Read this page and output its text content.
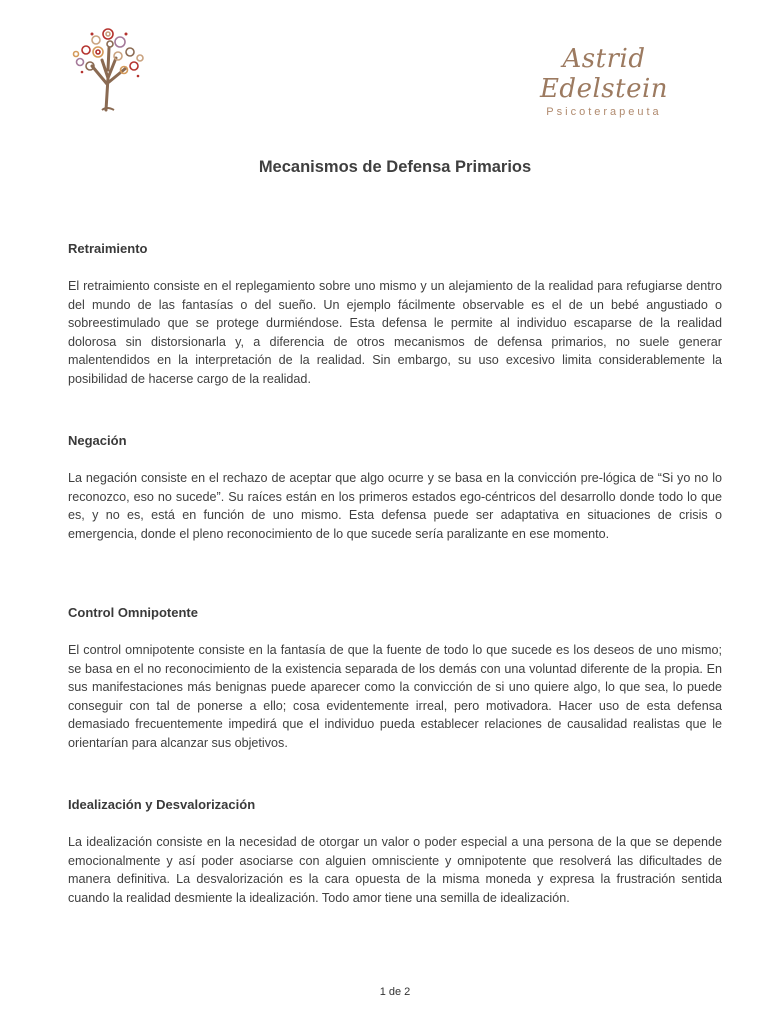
Astrid Edelstein
Psicoterapeuta
Mecanismos de Defensa Primarios
Retraimiento

El retraimiento consiste en el replegamiento sobre uno mismo y un alejamiento de la realidad para refugiarse dentro del mundo de las fantasías o del sueño. Un ejemplo fácilmente observable es el de un bebé angustiado o sobreestimulado que se protege durmiéndose. Esta defensa le permite al individuo escaparse de la realidad dolorosa sin distorsionarla y, a diferencia de otros mecanismos de defensa primarios, no suele generar malentendidos en la interpretación de la realidad. Sin embargo, su uso excesivo limita considerablemente la posibilidad de hacerse cargo de la realidad.

Negación

La negación consiste en el rechazo de aceptar que algo ocurre y se basa en la convicción pre-lógica de “Si yo no lo reconozco, eso no sucede”. Su raíces están en los primeros estados ego-céntricos del desarrollo donde todo lo que es, y no es, está en función de uno mismo. Esta defensa puede ser adaptativa en situaciones de crisis o emergencia, donde el pleno reconocimiento de lo que sucede sería paralizante en ese momento.

Control Omnipotente

El control omnipotente consiste en la fantasía de que la fuente de todo lo que sucede es los deseos de uno mismo; se basa en el no reconocimiento de la existencia separada de los demás con una voluntad diferente de la propia. En sus manifestaciones más benignas puede aparecer como la convicción de si uno quiere algo, lo que sea, lo puede conseguir con tal de ponerse a ello; cosa evidentemente irreal, pero motivadora. Hacer uso de esta defensa demasiado frecuentemente impedirá que el individuo pueda establecer relaciones de causalidad realistas que le orientarían para alcanzar sus objetivos.

Idealización y Desvalorización

La idealización consiste en la necesidad de otorgar un valor o poder especial a una persona de la que se depende emocionalmente y así poder asociarse con alguien omnisciente y omnipotente que resolverá las dificultades de manera definitiva. La desvalorización es la cara opuesta de la misma moneda y expresa la frustración sentida cuando la realidad desmiente la idealización. Todo amor tiene una semilla de idealización.

1 de 2
